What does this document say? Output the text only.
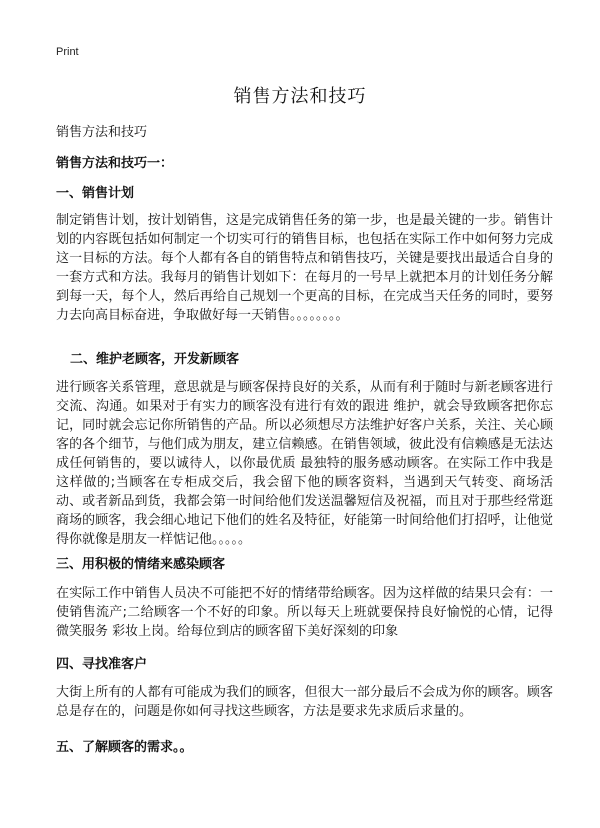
Print
销售方法和技巧
销售方法和技巧
销售方法和技巧一：
一、销售计划

制定销售计划，按计划销售，这是完成销售任务的第一步，也是最关键的一步。销售计划的内容既包括如何制定一个切实可行的销售目标，也包括在实际工作中如何努力完成这一目标的方法。每个人都有各自的销售特点和销售技巧，关键是要找出最适合自身的一套方式和方法。我每月的销售计划如下：在每月的一号早上就把本月的计划任务分解到每一天，每个人，然后再给自己规划一个更高的目标，在完成当天任务的同时，要努力去向高目标奋进，争取做好每一天销售。。。。。。。。

二、维护老顾客，开发新顾客

进行顾客关系管理，意思就是与顾客保持良好的关系，从而有利于随时与新老顾客进行交流、沟通。如果对于有实力的顾客没有进行有效的跟进 维护，就会导致顾客把你忘记，同时就会忘记你所销售的产品。所以必须想尽方法维护好客户关系，关注、关心顾客的各个细节，与他们成为朋友，建立信赖感。在销售领域，彼此没有信赖感是无法达成任何销售的，要以诚待人，以你最优质 最独特的服务感动顾客。在实际工作中我是这样做的;当顾客在专柜成交后，我会留下他的顾客资料，当遇到天气转变、商场活动、或者新品到货，我都会第一时间给他们发送温馨短信及祝福，而且对于那些经常逛商场的顾客，我会细心地记下他们的姓名及特征，好能第一时间给他们打招呼，让他觉得你就像是朋友一样惦记他。。。。。

三、用积极的情绪来感染顾客

在实际工作中销售人员决不可能把不好的情绪带给顾客。因为这样做的结果只会有：一使销售流产;二给顾客一个不好的印象。所以每天上班就要保持良好愉悦的心情，记得微笑服务 彩妆上岗。给每位到店的顾客留下美好深刻的印象

四、寻找准客户

大街上所有的人都有可能成为我们的顾客，但很大一部分最后不会成为你的顾客。顾客总是存在的，问题是你如何寻找这些顾客，方法是要求先求质后求量的。

五、了解顾客的需求。。
